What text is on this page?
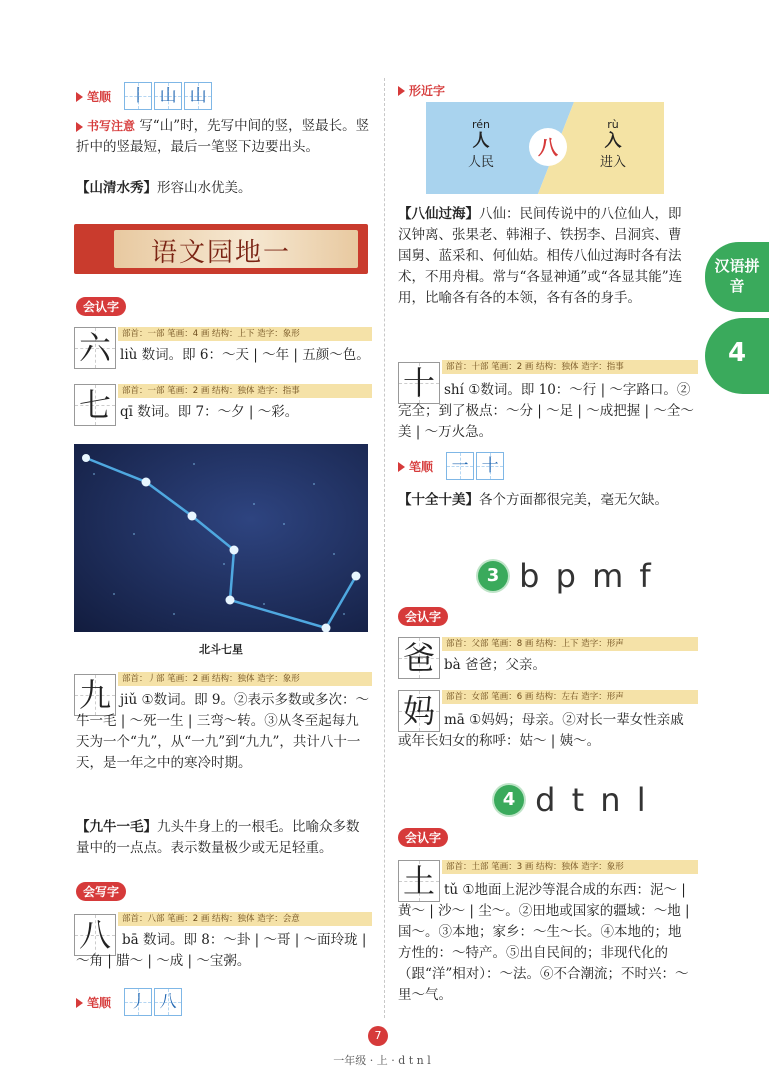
笔顺 丨 山 山
书写注意 写“山”时，先写中间的竖，竖最长。竖折中的竖最短，最后一笔竖下边要出头。
【山清水秀】形容山水优美。
语文园地一
会认字
六	部首：一部 笔画：4 画 结构：上下 造字：象形
liù 数词。即 6：～天 | ～年 | 五颜～色。
七	部首：一部 笔画：2 画 结构：独体 造字：指事
qī 数词。即 7：～夕 | ～彩。
北斗七星
九	部首：丿部 笔画：2 画 结构：独体 造字：象形
jiǔ ①数词。即 9。②表示多数或多次：～牛一毛 | ～死一生 | 三弯～转。③从冬至起每九天为一个“九”，从“一九”到“九九”，共计八十一天，是一年之中的寒冷时期。
【九牛一毛】九头牛身上的一根毛。比喻众多数量中的一点点。表示数量极少或无足轻重。
会写字
八	部首：八部 笔画：2 画 结构：独体 造字：会意
bā 数词。即 8：～卦 | ～哥 | ～面玲珑 | ～角 | 腊～ | ～成 | ～宝粥。
笔顺 丿 八
形近字
八
rén
人
人民
rù
入
进入
【八仙过海】八仙：民间传说中的八位仙人，即汉钟离、张果老、韩湘子、铁拐李、吕洞宾、曹国舅、蓝采和、何仙姑。相传八仙过海时各有法术，不用舟楫。常与“各显神通”或“各显其能”连用，比喻各有各的本领，各有各的身手。
十	部首：十部 笔画：2 画 结构：独体 造字：指事
shí ①数词。即 10：～行 | ～字路口。②完全；到了极点：～分 | ～足 | ～成把握 | ～全～美 | ～万火急。
笔顺 一 十
【十全十美】各个方面都很完美，毫无欠缺。
3 b p m f
会认字
爸	部首：父部 笔画：8 画 结构：上下 造字：形声
bà 爸爸；父亲。
妈	部首：女部 笔画：6 画 结构：左右 造字：形声
mā ①妈妈；母亲。②对长一辈女性亲戚或年长妇女的称呼：姑～ | 姨～。
4 d t n l
会认字
土	部首：土部 笔画：3 画 结构：独体 造字：象形
tǔ ①地面上泥沙等混合成的东西：泥～ | 黄～ | 沙～ | 尘～。②田地或国家的疆域：～地 | 国～。③本地；家乡：～生～长。④本地的；地方性的：～特产。⑤出自民间的；非现代化的（跟“洋”相对）：～法。⑥不合潮流；不时兴：～里～气。
汉语拼音
4
7
一年级 · 上 · d t n l
